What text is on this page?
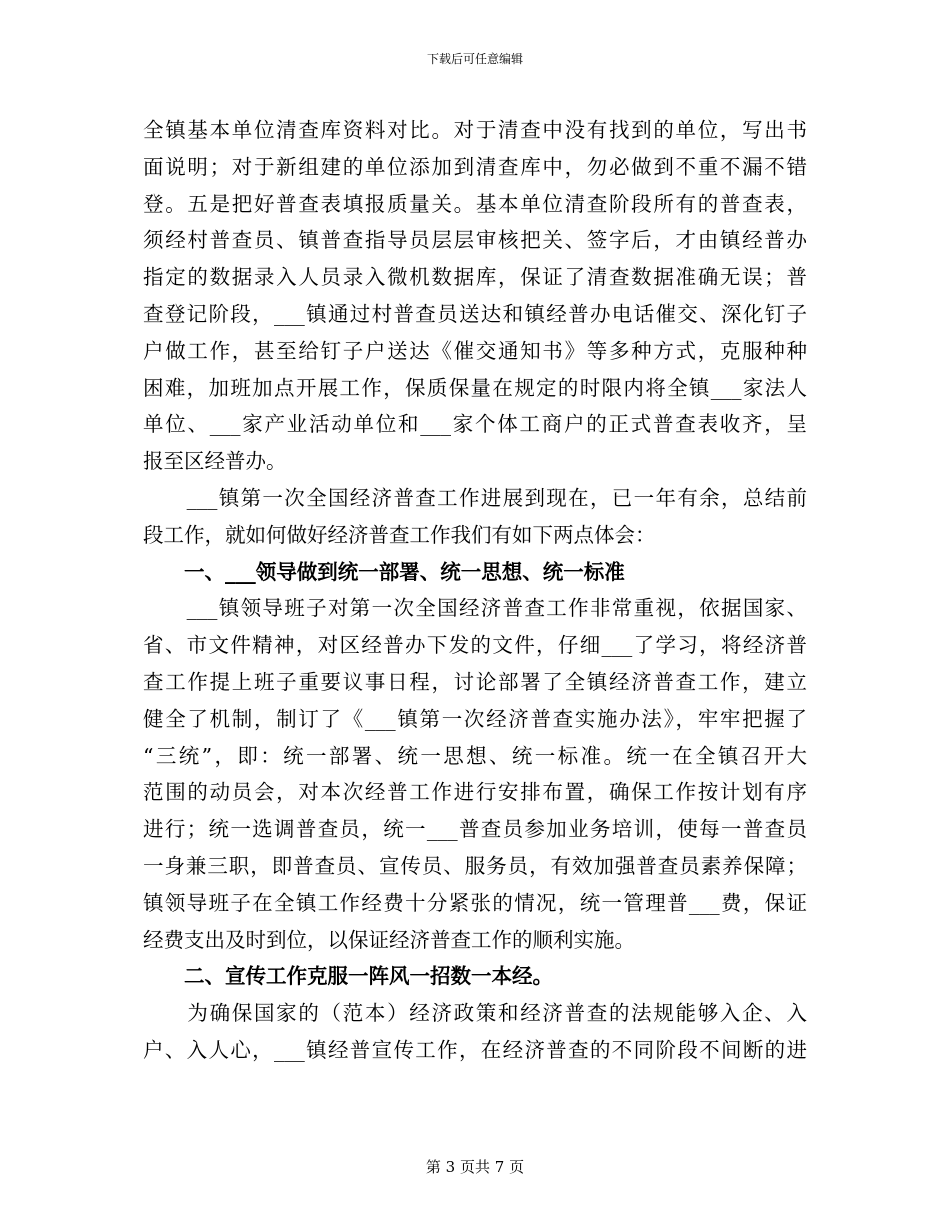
下载后可任意编辑
全镇基本单位清查库资料对比。对于清查中没有找到的单位，写出书
面说明；对于新组建的单位添加到清查库中，勿必做到不重不漏不错
登。五是把好普查表填报质量关。基本单位清查阶段所有的普查表，
须经村普查员、镇普查指导员层层审核把关、签字后，才由镇经普办
指定的数据录入人员录入微机数据库，保证了清查数据准确无误；普
查登记阶段，___镇通过村普查员送达和镇经普办电话催交、深化钉子
户做工作，甚至给钉子户送达《催交通知书》等多种方式，克服种种
困难，加班加点开展工作，保质保量在规定的时限内将全镇___家法人
单位、___家产业活动单位和___家个体工商户的正式普查表收齐，呈
报至区经普办。
　　___镇第一次全国经济普查工作进展到现在，已一年有余，总结前
段工作，就如何做好经济普查工作我们有如下两点体会：
　　一、___领导做到统一部署、统一思想、统一标准
　　___镇领导班子对第一次全国经济普查工作非常重视，依据国家、
省、市文件精神，对区经普办下发的文件，仔细___了学习，将经济普
查工作提上班子重要议事日程，讨论部署了全镇经济普查工作，建立
健全了机制，制订了《___镇第一次经济普查实施办法》，牢牢把握了
“三统”，即：统一部署、统一思想、统一标准。统一在全镇召开大
范围的动员会，对本次经普工作进行安排布置，确保工作按计划有序
进行；统一选调普查员，统一___普查员参加业务培训，使每一普查员
一身兼三职，即普查员、宣传员、服务员，有效加强普查员素养保障；
镇领导班子在全镇工作经费十分紧张的情况，统一管理普___费，保证
经费支出及时到位，以保证经济普查工作的顺利实施。
　　二、宣传工作克服一阵风一招数一本经。
　　为确保国家的（范本）经济政策和经济普查的法规能够入企、入
户、入人心，___镇经普宣传工作，在经济普查的不同阶段不间断的进
第 3 页共 7 页
